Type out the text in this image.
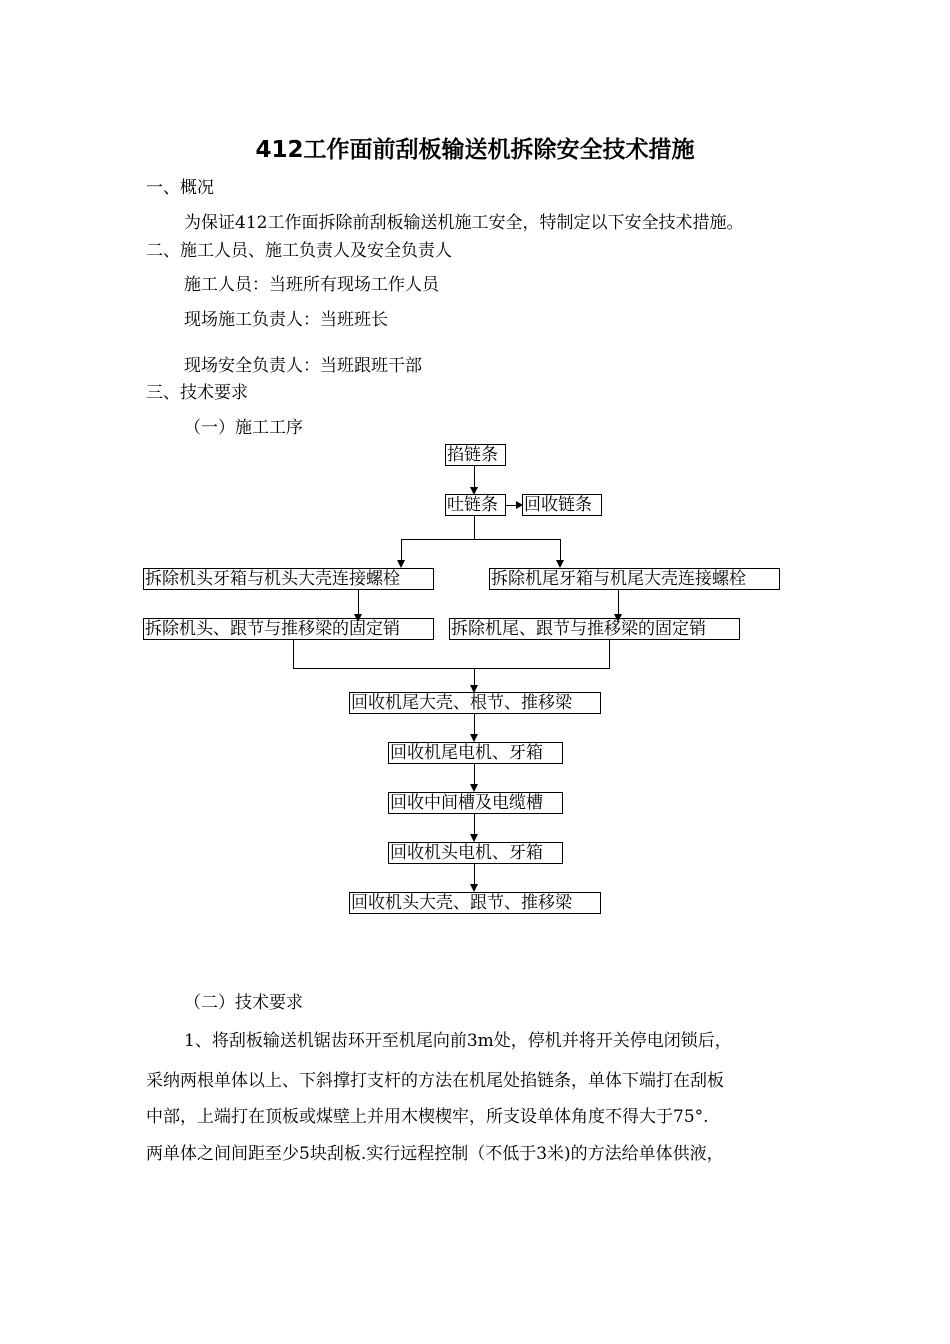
412工作面前刮板输送机拆除安全技术措施
一、概况
为保证412工作面拆除前刮板输送机施工安全，特制定以下安全技术措施。
二、施工人员、施工负责人及安全负责人
施工人员：当班所有现场工作人员
现场施工负责人：当班班长
现场安全负责人：当班跟班干部
三、技术要求
（一）施工工序
掐链条
吐链条	回收链条
拆除机头牙箱与机头大壳连接螺栓	拆除机尾牙箱与机尾大壳连接螺栓
拆除机头、跟节与推移梁的固定销	拆除机尾、跟节与推移梁的固定销
回收机尾大壳、根节、推移梁
回收机尾电机、牙箱
回收中间槽及电缆槽
回收机头电机、牙箱
回收机头大壳、跟节、推移梁
（二）技术要求
1、将刮板输送机锯齿环开至机尾向前3m处，停机并将开关停电闭锁后，
采纳两根单体以上、下斜撑打支杆的方法在机尾处掐链条，单体下端打在刮板
中部，上端打在顶板或煤壁上并用木楔楔牢，所支设单体角度不得大于75°.
两单体之间间距至少5块刮板.实行远程控制（不低于3米)的方法给单体供液，
